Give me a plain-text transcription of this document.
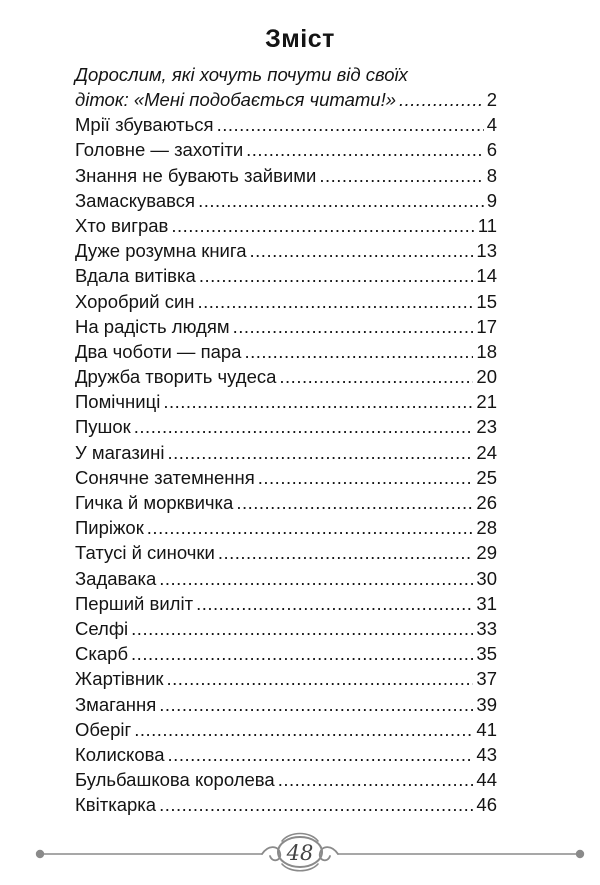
Зміст
Дорослим, які хочуть почути від своїх
діток: «Мені подобається читати!» .....	2
Мрії збуваються .....	4
Головне — захотіти .....	6
Знання не бувають зайвими .....	8
Замаскувався .....	9
Хто виграв .....	11
Дуже розумна книга .....	13
Вдала витівка .....	14
Хоробрий син .....	15
На радість людям .....	17
Два чоботи — пара .....	18
Дружба творить чудеса .....	20
Помічниці .....	21
Пушок .....	23
У магазині .....	24
Сонячне затемнення .....	25
Гичка й морквичка .....	26
Пиріжок .....	28
Татусі й синочки .....	29
Задавака .....	30
Перший виліт .....	31
Селфі .....	33
Скарб .....	35
Жартівник .....	37
Змагання .....	39
Оберіг .....	41
Колискова .....	43
Бульбашкова королева .....	44
Квіткарка .....	46
48
